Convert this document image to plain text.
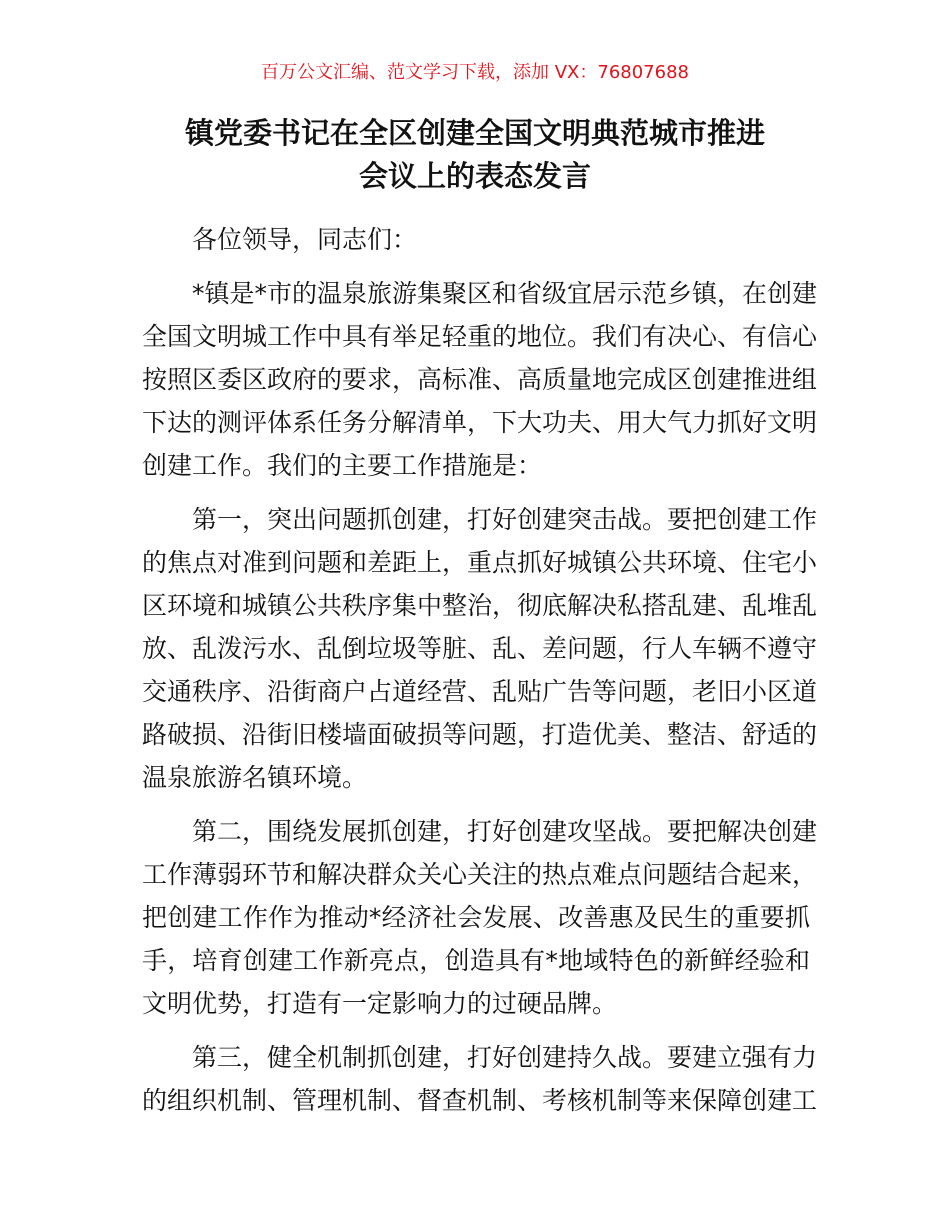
百万公文汇编、范文学习下载，添加 VX：76807688
镇党委书记在全区创建全国文明典范城市推进
会议上的表态发言
各位领导，同志们：
*镇是*市的温泉旅游集聚区和省级宜居示范乡镇，在创建
全国文明城工作中具有举足轻重的地位。我们有决心、有信心
按照区委区政府的要求，高标准、高质量地完成区创建推进组
下达的测评体系任务分解清单，下大功夫、用大气力抓好文明
创建工作。我们的主要工作措施是：
第一，突出问题抓创建，打好创建突击战。要把创建工作
的焦点对准到问题和差距上，重点抓好城镇公共环境、住宅小
区环境和城镇公共秩序集中整治，彻底解决私搭乱建、乱堆乱
放、乱泼污水、乱倒垃圾等脏、乱、差问题，行人车辆不遵守
交通秩序、沿街商户占道经营、乱贴广告等问题，老旧小区道
路破损、沿街旧楼墙面破损等问题，打造优美、整洁、舒适的
温泉旅游名镇环境。
第二，围绕发展抓创建，打好创建攻坚战。要把解决创建
工作薄弱环节和解决群众关心关注的热点难点问题结合起来，
把创建工作作为推动*经济社会发展、改善惠及民生的重要抓
手，培育创建工作新亮点，创造具有*地域特色的新鲜经验和
文明优势，打造有一定影响力的过硬品牌。
第三，健全机制抓创建，打好创建持久战。要建立强有力
的组织机制、管理机制、督查机制、考核机制等来保障创建工
